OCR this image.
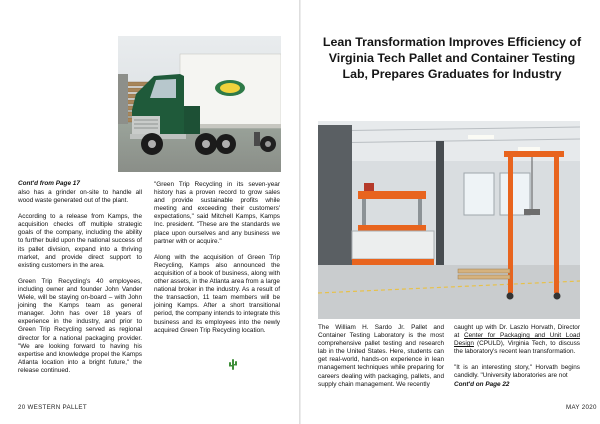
Cont'd from Page 17

also has a grinder on-site to handle all wood waste generated out of the plant.

According to a release from Kamps, the acquisition checks off multiple strategic goals of the company, including the ability to further build upon the national success of its pallet division, expand into a thriving market, and provide direct support to existing customers in the area.

Green Trip Recycling's 40 employees, including owner and founder John Vander Wiele, will be staying on-board – with John joining the Kamps team as general manager. John has over 18 years of experience in the industry, and prior to Green Trip Recycling served as regional director for a national packaging provider. "We are looking forward to having his expertise and knowledge propel the Kamps Atlanta location into a bright future," the release continued.

"Green Trip Recycling in its seven-year history has a proven record to grow sales and provide sustainable profits while meeting and exceeding their customers' expectations," said Mitchell Kamps, Kamps Inc. president. "These are the standards we place upon ourselves and any business we partner with or acquire."

Along with the acquisition of Green Trip Recycling, Kamps also announced the acquisition of a book of business, along with other assets, in the Atlanta area from a large national broker in the industry. As a result of the transaction, 11 team members will be joining Kamps. After a short transitional period, the company intends to integrate this business and its employees into the newly acquired Green Trip Recycling location.

20 WESTERN PALLET
Lean Transformation Improves Efficiency of Virginia Tech Pallet and Container Testing Lab, Prepares Graduates for Industry

The William H. Sardo Jr. Pallet and Container Testing Laboratory is the most comprehensive pallet testing and research lab in the United States. Here, students can get real-world, hands-on experience in lean management techniques while preparing for careers dealing with packaging, pallets, and supply chain management. We recently

caught up with Dr. Laszlo Horvath, Director at Center for Packaging and Unit Load Design (CPULD), Virginia Tech, to discuss the laboratory's recent lean transformation.

"It is an interesting story," Horvath begins candidly. "University laboratories are not
Cont'd on Page 22

MAY 2020
